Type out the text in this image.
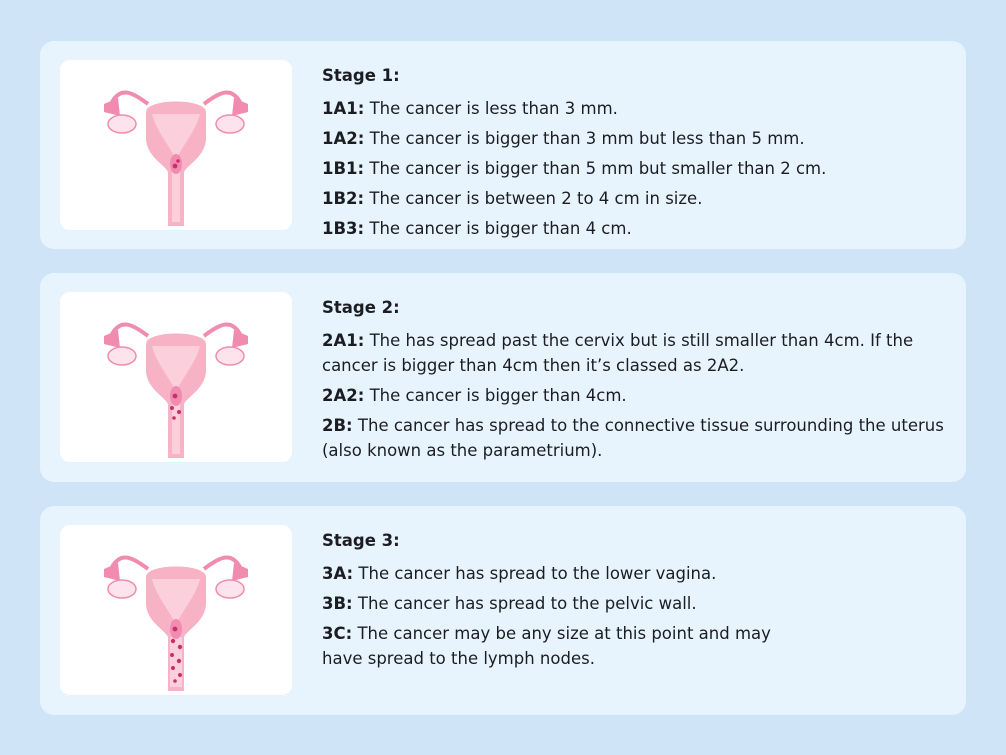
Stage 1:
1A1: The cancer is less than 3 mm.
1A2: The cancer is bigger than 3 mm but less than 5 mm.
1B1: The cancer is bigger than 5 mm but smaller than 2 cm.
1B2: The cancer is between 2 to 4 cm in size.
1B3: The cancer is bigger than 4 cm.
Stage 2:
2A1: The has spread past the cervix but is still smaller than 4cm. If the cancer is bigger than 4cm then it’s classed as 2A2.
2A2: The cancer is bigger than 4cm.
2B: The cancer has spread to the connective tissue surrounding the uterus (also known as the parametrium).
Stage 3:
3A: The cancer has spread to the lower vagina.
3B: The cancer has spread to the pelvic wall.
3C: The cancer may be any size at this point and may have spread to the lymph nodes.
